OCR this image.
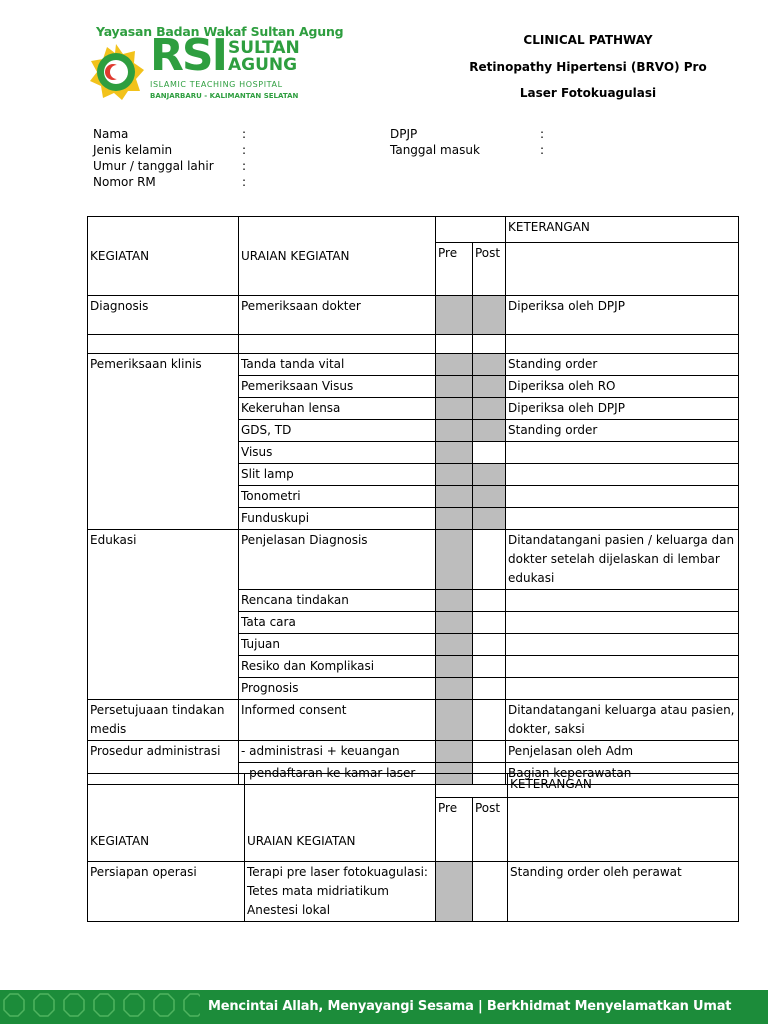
Yayasan Badan Wakaf Sultan Agung
RSI SULTAN
AGUNG
ISLAMIC TEACHING HOSPITAL
BANJARBARU - KALIMANTAN SELATAN
CLINICAL PATHWAY
Retinopathy Hipertensi (BRVO) Pro
Laser Fotokuagulasi
Nama	:
Jenis kelamin	:
Umur / tanggal lahir :
Nomor RM	:
DPJP	:
Tanggal masuk	:
KEGIATAN	URAIAN KEGIATAN			KETERANGAN
		Pre	Post	
Diagnosis	Pemeriksaan dokter			Diperiksa oleh DPJP

Pemeriksaan klinis	Tanda tanda vital			Standing order
	Pemeriksaan Visus			Diperiksa oleh RO
	Kekeruhan lensa			Diperiksa oleh DPJP
	GDS, TD			Standing order
	Visus			
	Slit lamp			
	Tonometri			
	Funduskupi			
Edukasi	Penjelasan Diagnosis			Ditandatangani pasien / keluarga dan dokter setelah dijelaskan di lembar edukasi
	Rencana tindakan			
	Tata cara			
	Tujuan			
	Resiko dan Komplikasi			
	Prognosis			
Persetujuaan tindakan medis	Informed consent			Ditandatangani keluarga atau pasien, dokter, saksi
Prosedur administrasi	- administrasi + keuangan			Penjelasan oleh Adm
	- pendaftaran ke kamar laser			Bagian keperawatan
KEGIATAN	URAIAN KEGIATAN			KETERANGAN
		Pre	Post	
Persiapan operasi	Terapi pre laser fotokuagulasi: Tetes mata midriatikum Anestesi lokal			Standing order oleh perawat
Mencintai Allah, Menyayangi Sesama | Berkhidmat Menyelamatkan Umat
